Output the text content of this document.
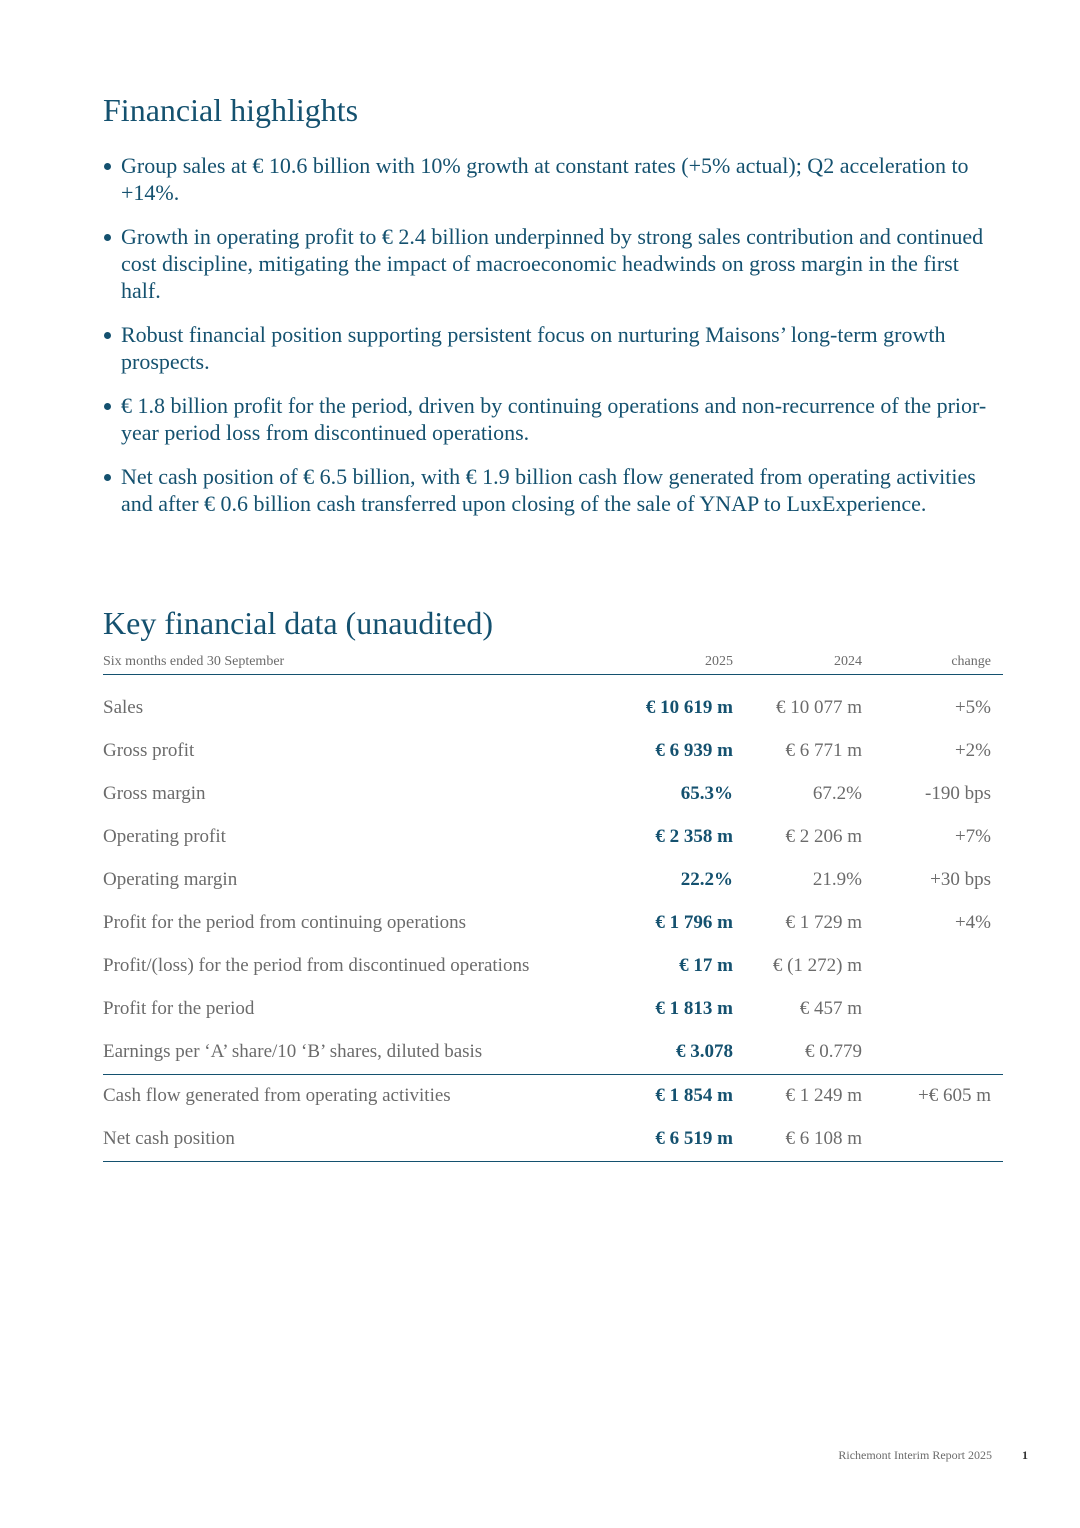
Financial highlights
Group sales at € 10.6 billion with 10% growth at constant rates (+5% actual); Q2 acceleration to +14%.
Growth in operating profit to € 2.4 billion underpinned by strong sales contribution and continued cost discipline, mitigating the impact of macroeconomic headwinds on gross margin in the first half.
Robust financial position supporting persistent focus on nurturing Maisons’ long-term growth prospects.
€ 1.8 billion profit for the period, driven by continuing operations and non-recurrence of the prior-year period loss from discontinued operations.
Net cash position of € 6.5 billion, with € 1.9 billion cash flow generated from operating activities and after € 0.6 billion cash transferred upon closing of the sale of YNAP to LuxExperience.
Key financial data (unaudited)
Six months ended 30 September	2025	2024	change
Sales	€ 10 619 m € 10 077 m	+5%
Gross profit	€ 6 939 m	€ 6 771 m	+2%
Gross margin	65.3%	67.2%	-190 bps
Operating profit	€ 2 358 m	€ 2 206 m	+7%
Operating margin	22.2%	21.9%	+30 bps
Profit for the period from continuing operations	€ 1 796 m	€ 1 729 m	+4%
Profit/(loss) for the period from discontinued operations	€ 17 m € (1 272) m
Profit for the period	€ 1 813 m	€ 457 m
Earnings per ‘A’ share/10 ‘B’ shares, diluted basis	€ 3.078	€ 0.779
Cash flow generated from operating activities	€ 1 854 m	€ 1 249 m	+€ 605 m
Net cash position	€ 6 519 m	€ 6 108 m
Richemont Interim Report 2025	1
